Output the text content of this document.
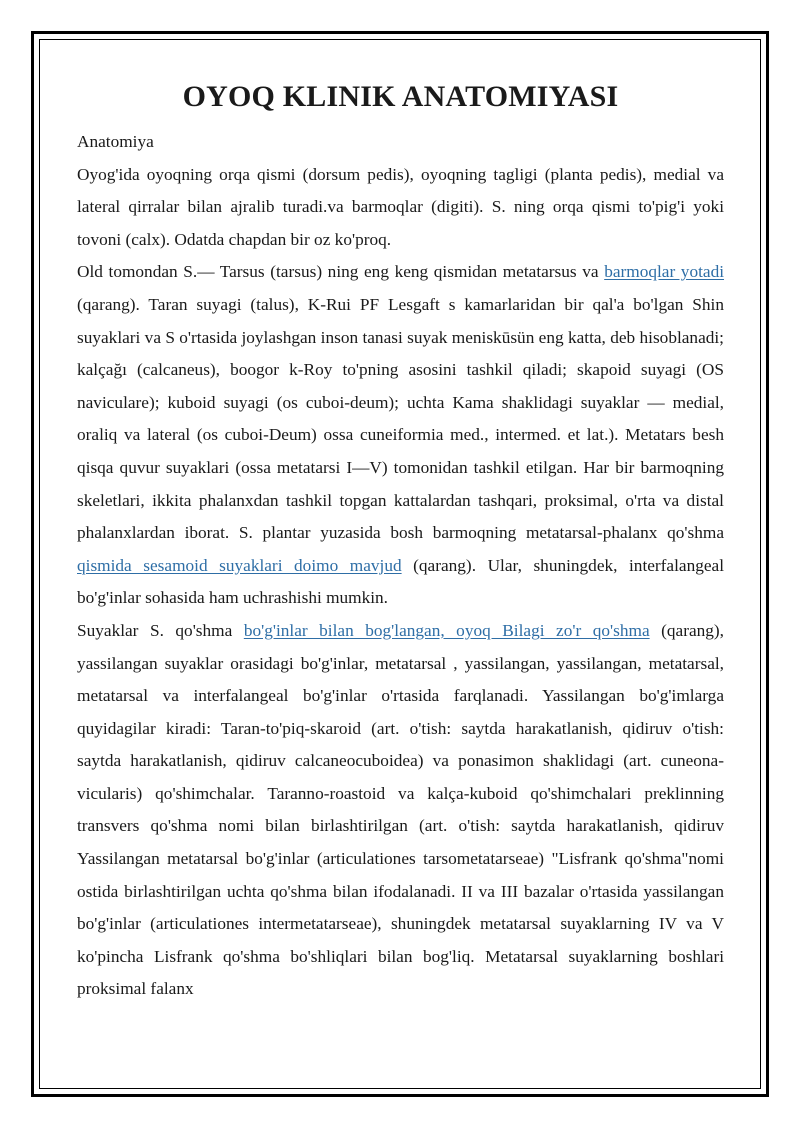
OYOQ KLINIK ANATOMIYASI

Anatomiya

Oyog'ida oyoqning orqa qismi (dorsum pedis), oyoqning tagligi (planta pedis), medial va lateral qirralar bilan ajralib turadi.va barmoqlar (digiti). S. ning orqa qismi to'pig'i yoki tovoni (calx). Odatda chapdan bir oz ko'proq.

Old tomondan S.— Tarsus (tarsus) ning eng keng qismidan metatarsus va barmoqlar yotadi (qarang). Taran suyagi (talus), K-Rui PF Lesgaft s kamarlaridan bir qal'a bo'lgan Shin suyaklari va S o'rtasida joylashgan inson tanasi suyak meniskūsün eng katta, deb hisoblanadi; kalçağı (calcaneus), boogor k-Roy to'pning asosini tashkil qiladi; skapoid suyagi (OS naviculare); kuboid suyagi (os cuboi-deum); uchta Kama shaklidagi suyaklar — medial, oraliq va lateral (os cuboi-Deum) ossa cuneiformia med., intermed. et lat.). Metatars besh qisqa quvur suyaklari (ossa metatarsi I—V) tomonidan tashkil etilgan. Har bir barmoqning skeletlari, ikkita phalanxdan tashkil topgan kattalardan tashqari, proksimal, o'rta va distal phalanxlardan iborat. S. plantar yuzasida bosh barmoqning metatarsal-phalanx qo'shma qismida sesamoid suyaklari doimo mavjud (qarang). Ular, shuningdek, interfalangeal bo'g'inlar sohasida ham uchrashishi mumkin.

Suyaklar S. qo'shma bo'g'inlar bilan bog'langan, oyoq Bilagi zo'r qo'shma (qarang), yassilangan suyaklar orasidagi bo'g'inlar, metatarsal , yassilangan, yassilangan, metatarsal, metatarsal va interfalangeal bo'g'inlar o'rtasida farqlanadi. Yassilangan bo'g'imlarga quyidagilar kiradi: Taran-to'piq-skaroid (art. o'tish: saytda harakatlanish, qidiruv o'tish: saytda harakatlanish, qidiruv calcaneocuboidea) va ponasimon shaklidagi (art. cuneona-vicularis) qo'shimchalar. Taranno-roastoid va kalça-kuboid qo'shimchalari preklinning transvers qo'shma nomi bilan birlashtirilgan (art. o'tish: saytda harakatlanish, qidiruv Yassilangan metatarsal bo'g'inlar (articulationes tarsometatarseae) "Lisfrank qo'shma"nomi ostida birlashtirilgan uchta qo'shma bilan ifodalanadi. II va III bazalar o'rtasida yassilangan bo'g'inlar (articulationes intermetatarseae), shuningdek metatarsal suyaklarning IV va V ko'pincha Lisfrank qo'shma bo'shliqlari bilan bog'liq. Metatarsal suyaklarning boshlari proksimal falanx
